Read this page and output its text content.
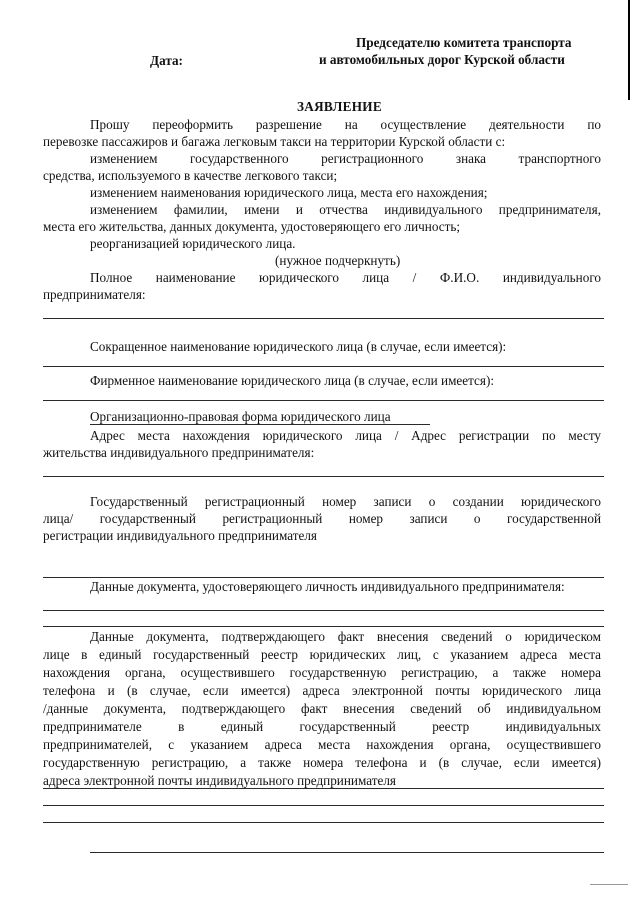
Дата:
Председателю комитета транспорта
и автомобильных дорог Курской области
ЗАЯВЛЕНИЕ
Прошу переоформить разрешение на осуществление деятельности по
перевозке пассажиров и багажа легковым такси на территории Курской области с:
изменением государственного регистрационного знака транспортного
средства, используемого в качестве легкового такси;
изменением наименования юридического лица, места его нахождения;
изменением фамилии, имени и отчества индивидуального предпринимателя,
места его жительства, данных документа, удостоверяющего его личность;
реорганизацией юридического лица.
(нужное подчеркнуть)
Полное наименование юридического лица / Ф.И.О. индивидуального
предпринимателя:
Сокращенное наименование юридического лица (в случае, если имеется):
Фирменное наименование юридического лица (в случае, если имеется):
Организационно-правовая форма юридического лица
Адрес места нахождения юридического лица / Адрес регистрации по месту
жительства индивидуального предпринимателя:
Государственный регистрационный номер записи о создании юридического
лица/ государственный регистрационный номер записи о государственной
регистрации индивидуального предпринимателя
Данные документа, удостоверяющего личность индивидуального предпринимателя:
Данные документа, подтверждающего факт внесения сведений о юридическом
лице в единый государственный реестр юридических лиц, с указанием адреса места
нахождения органа, осуществившего государственную регистрацию, а также номера
телефона и (в случае, если имеется) адреса электронной почты юридического лица
/данные документа, подтверждающего факт внесения сведений об индивидуальном
предпринимателе в единый государственный реестр индивидуальных
предпринимателей, с указанием адреса места нахождения органа, осуществившего
государственную регистрацию, а также номера телефона и (в случае, если имеется)
адреса электронной почты индивидуального предпринимателя
